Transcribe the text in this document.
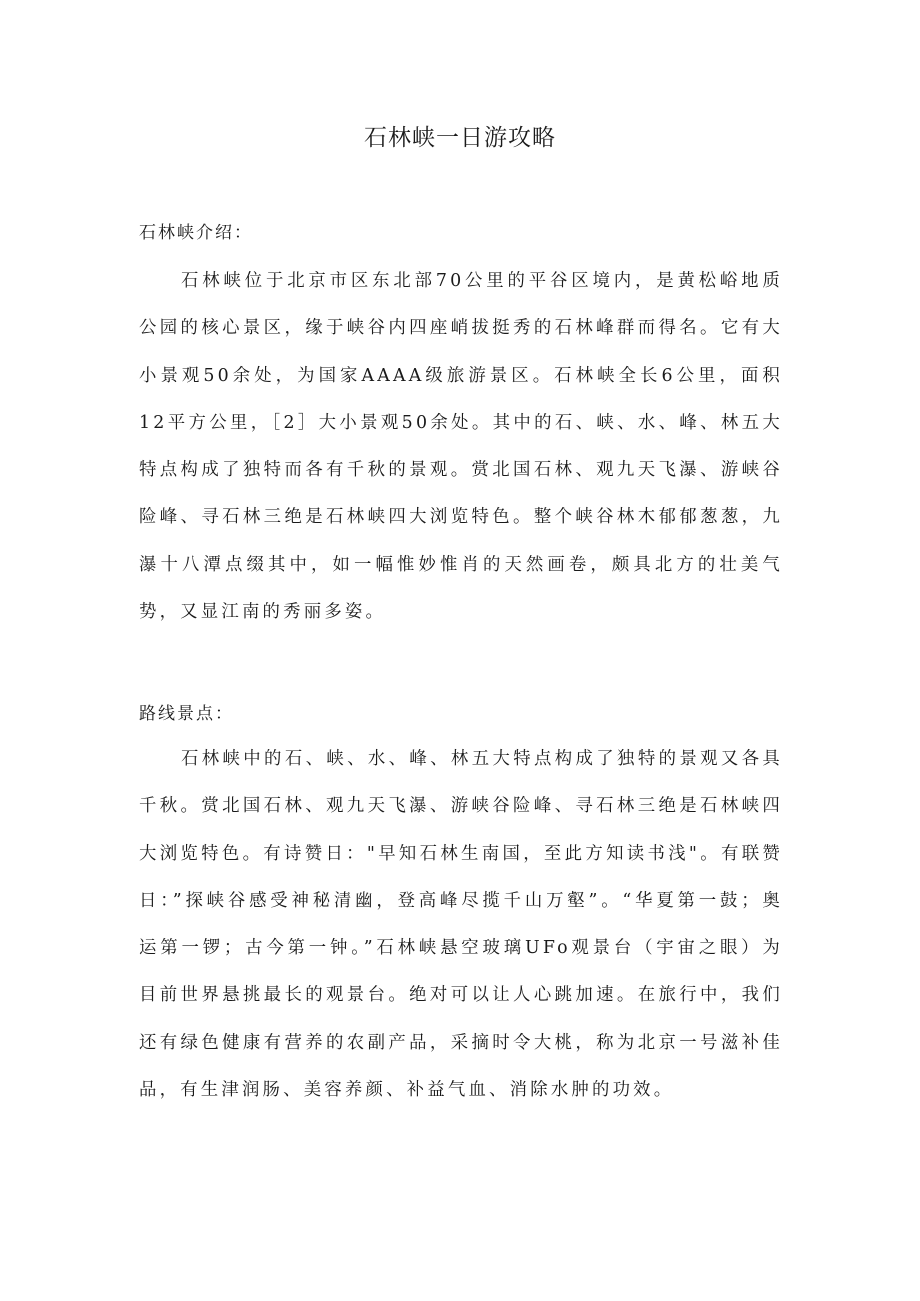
石林峡一日游攻略
石林峡介绍：

石林峡位于北京市区东北部70公里的平谷区境内，是黄松峪地质公园的核心景区，缘于峡谷内四座峭拔挺秀的石林峰群而得名。它有大小景观50余处，为国家AAAA级旅游景区。石林峡全长6公里，面积12平方公里，［2］大小景观50余处。其中的石、峡、水、峰、林五大特点构成了独特而各有千秋的景观。赏北国石林、观九天飞瀑、游峡谷险峰、寻石林三绝是石林峡四大浏览特色。整个峡谷林木郁郁葱葱，九瀑十八潭点缀其中，如一幅惟妙惟肖的天然画卷，颇具北方的壮美气势，又显江南的秀丽多姿。

路线景点：

石林峡中的石、峡、水、峰、林五大特点构成了独特的景观又各具千秋。赏北国石林、观九天飞瀑、游峡谷险峰、寻石林三绝是石林峡四大浏览特色。有诗赞日："早知石林生南国，至此方知读书浅"。有联赞日：”探峡谷感受神秘清幽，登高峰尽揽千山万壑”。“华夏第一鼓；奥运第一锣；古今第一钟。”石林峡悬空玻璃UFo观景台（宇宙之眼）为目前世界悬挑最长的观景台。绝对可以让人心跳加速。在旅行中，我们还有绿色健康有营养的农副产品，采摘时令大桃，称为北京一号滋补佳品，有生津润肠、美容养颜、补益气血、消除水肿的功效。
